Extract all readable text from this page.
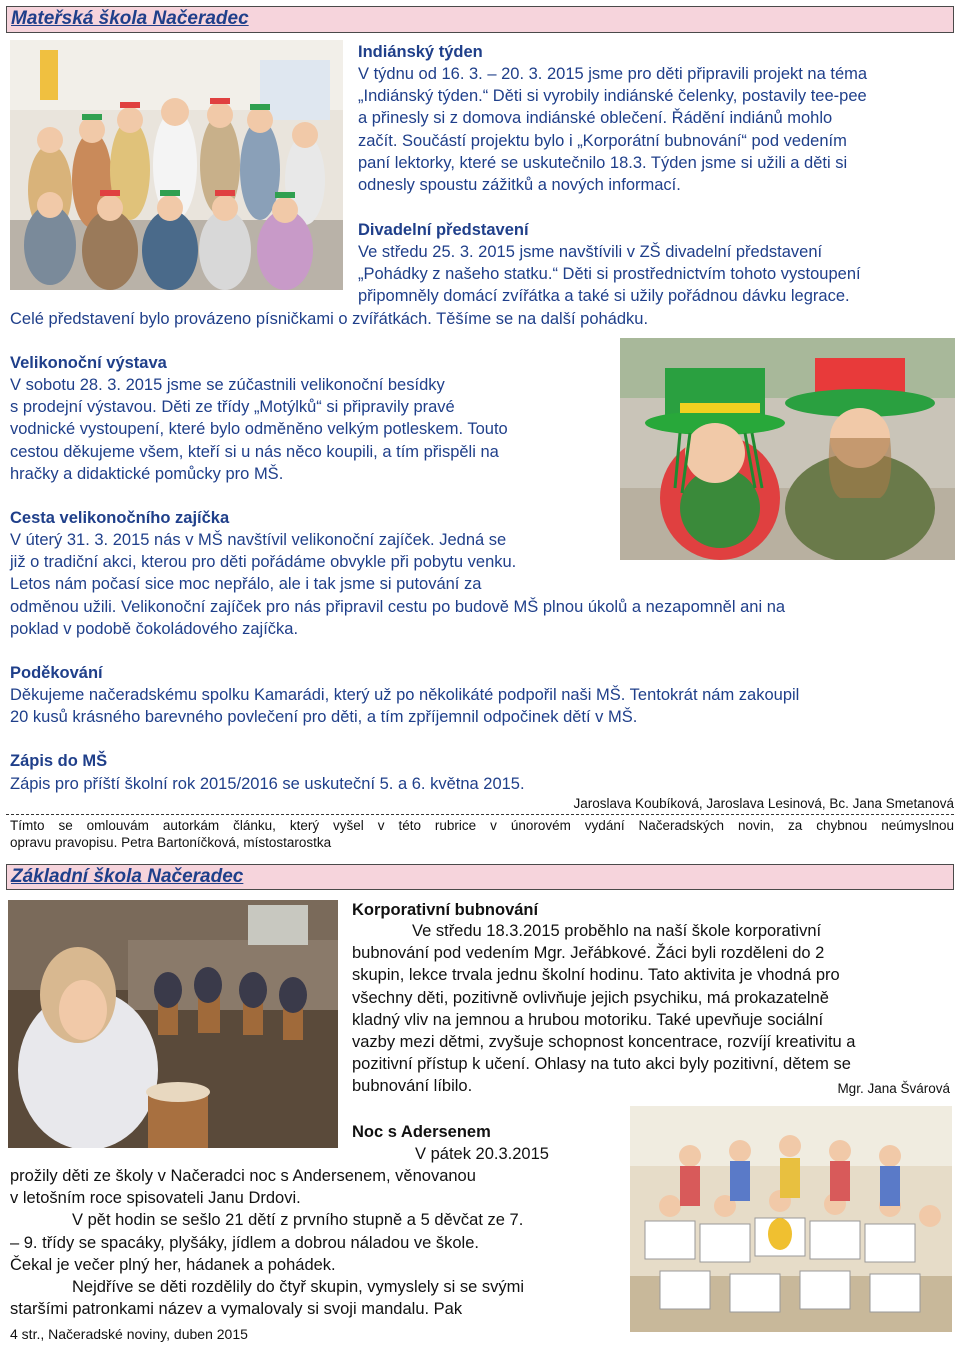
Mateřská škola Načeradec
Indiánský týden
V týdnu od 16. 3. – 20. 3. 2015 jsme pro děti připravili projekt na téma
„Indiánský týden.“ Děti si vyrobily indiánské čelenky, postavily tee-pee
a přinesly si z domova indiánské oblečení. Řádění indiánů mohlo
začít. Součástí projektu bylo i „Korporátní bubnování“ pod vedením
paní lektorky, které se uskutečnilo 18.3. Týden jsme si užili a děti si
odnesly spoustu zážitků a nových informací.
Divadelní představení
Ve středu 25. 3. 2015 jsme navštívili v ZŠ divadelní představení
„Pohádky z našeho statku.“ Děti si prostřednictvím tohoto vystoupení
připomněly domácí zvířátka a také si užily pořádnou dávku legrace.
Celé představení bylo provázeno písničkami o zvířátkách. Těšíme se na další pohádku.
Velikonoční výstava
V sobotu 28. 3. 2015 jsme se zúčastnili velikonoční besídky
s prodejní výstavou. Děti ze třídy „Motýlků“ si připravily pravé
vodnické vystoupení, které bylo odměněno velkým potleskem. Touto
cestou děkujeme všem, kteří si u nás něco koupili, a tím přispěli na
hračky a didaktické pomůcky pro MŠ.
Cesta velikonočního zajíčka
V úterý 31. 3. 2015 nás v MŠ navštívil velikonoční zajíček. Jedná se
již o tradiční akci, kterou pro děti pořádáme obvykle při pobytu venku.
Letos nám počasí sice moc nepřálo, ale i tak jsme si putování za
odměnou užili. Velikonoční zajíček pro nás připravil cestu po budově MŠ plnou úkolů a nezapomněl ani na
poklad v podobě čokoládového zajíčka.
Poděkování
Děkujeme načeradskému spolku Kamarádi, který už po několikáté podpořil naši MŠ. Tentokrát nám zakoupil
20 kusů krásného barevného povlečení pro děti, a tím zpříjemnil odpočinek dětí v MŠ.
Zápis do MŠ
Zápis pro příští školní rok 2015/2016 se uskuteční 5. a 6. května 2015.
Jaroslava Koubíková, Jaroslava Lesinová, Bc. Jana Smetanová
Tímto se omlouvám autorkám článku, který vyšel v této rubrice v únorovém vydání Načeradských novin, za chybnou neúmyslnou
opravu pravopisu. Petra Bartoníčková, místostarostka
Základní škola Načeradec
Korporativní bubnování
Ve středu 18.3.2015 proběhlo na naší škole korporativní
bubnování pod vedením Mgr. Jeřábkové. Žáci byli rozděleni do 2
skupin, lekce trvala jednu školní hodinu. Tato aktivita je vhodná pro
všechny děti, pozitivně ovlivňuje jejich psychiku, má prokazatelně
kladný vliv na jemnou a hrubou motoriku. Také upevňuje sociální
vazby mezi dětmi, zvyšuje schopnost koncentrace, rozvíjí kreativitu a
pozitivní přístup k učení. Ohlasy na tuto akci byly pozitivní, dětem se
bubnování líbilo.	Mgr. Jana Švárová
Noc s Adersenem
V pátek 20.3.2015
prožily děti ze školy v Načeradci noc s Andersenem, věnovanou
v letošním roce spisovateli Janu Drdovi.
V pět hodin se sešlo 21 dětí z prvního stupně a 5 děvčat ze 7.
– 9. třídy se spacáky, plyšáky, jídlem a dobrou náladou ve škole.
Čekal je večer plný her, hádanek a pohádek.
Nejdříve se děti rozdělily do čtyř skupin, vymyslely si se svými
staršími patronkami název a vymalovaly si svoji mandalu. Pak
4 str., Načeradské noviny, duben 2015
